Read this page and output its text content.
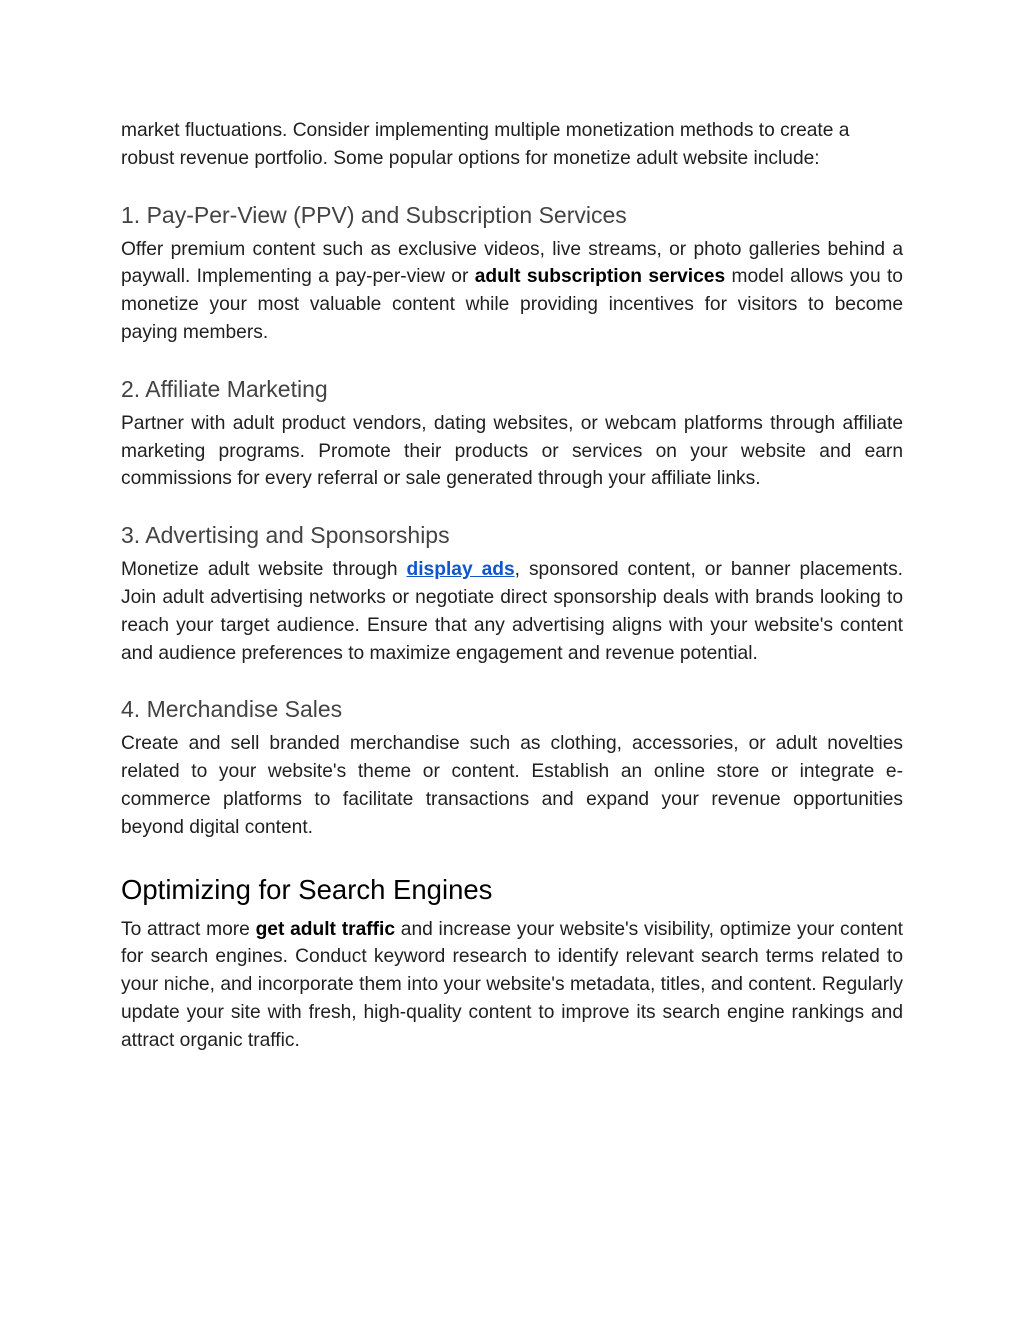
market fluctuations. Consider implementing multiple monetization methods to create a robust revenue portfolio. Some popular options for monetize adult website include:

1. Pay-Per-View (PPV) and Subscription Services

Offer premium content such as exclusive videos, live streams, or photo galleries behind a paywall. Implementing a pay-per-view or adult subscription services model allows you to monetize your most valuable content while providing incentives for visitors to become paying members.

2. Affiliate Marketing

Partner with adult product vendors, dating websites, or webcam platforms through affiliate marketing programs. Promote their products or services on your website and earn commissions for every referral or sale generated through your affiliate links.

3. Advertising and Sponsorships

Monetize adult website through display ads, sponsored content, or banner placements. Join adult advertising networks or negotiate direct sponsorship deals with brands looking to reach your target audience. Ensure that any advertising aligns with your website's content and audience preferences to maximize engagement and revenue potential.

4. Merchandise Sales

Create and sell branded merchandise such as clothing, accessories, or adult novelties related to your website's theme or content. Establish an online store or integrate e-commerce platforms to facilitate transactions and expand your revenue opportunities beyond digital content.

Optimizing for Search Engines

To attract more get adult traffic and increase your website's visibility, optimize your content for search engines. Conduct keyword research to identify relevant search terms related to your niche, and incorporate them into your website's metadata, titles, and content. Regularly update your site with fresh, high-quality content to improve its search engine rankings and attract organic traffic.
